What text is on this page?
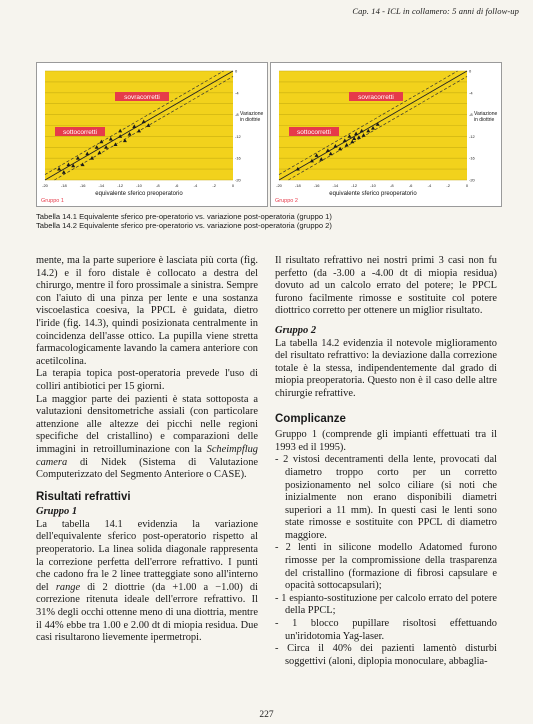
Cap. 14 - ICL in collamero: 5 anni di follow-up
-20	-18	-16	-14	-12	-10	-8	-6	-4	-2	0
-20
-16
-12
-8
-4
0
sovracorretti
sottocorretti
Variazione
in diottrie
equivalente sferico preoperatorio
Gruppo 1
-20	-18	-16	-14	-12	-10	-8	-6	-4	-2	0
-20
-16
-12
-8
-4
0
sovracorretti
sottocorretti
Variazione
in diottrie
equivalente sferico preoperatorio
Gruppo 2
Tabella 14.1 Equivalente sferico pre-operatorio vs. variazione post-operatoria (gruppo 1)
Tabella 14.2 Equivalente sferico pre-operatorio vs. variazione post-operatoria (gruppo 2)

mente, ma la parte superiore è lasciata più corta (fig. 14.2) e il foro distale è collocato a destra del chirurgo, mentre il foro prossimale a sinistra. Sempre con l'aiuto di una pinza per lente e una sostanza viscoelastica coesiva, la PPCL è guidata, dietro l'iride (fig. 14.3), quindi posizionata centralmente in coincidenza dell'asse ottico. La pupilla viene stretta farmacologicamente lavando la camera anteriore con acetilcolina.

La terapia topica post-operatoria prevede l'uso di colliri antibiotici per 15 giorni.

La maggior parte dei pazienti è stata sottoposta a valutazioni densitometriche assiali (con particolare attenzione alle altezze dei picchi nelle regioni specifiche del cristallino) e comparazioni delle immagini in retroilluminazione con la Scheimpflug camera di Nidek (Sistema di Valutazione Computerizzato del Segmento Anteriore o CASE).

Risultati refrattivi
Gruppo 1

La tabella 14.1 evidenzia la variazione dell'equivalente sferico post-operatorio rispetto al preoperatorio. La linea solida diagonale rappresenta la correzione perfetta dell'errore refrattivo. I punti che cadono fra le 2 linee tratteggiate sono all'interno del range di 2 diottrie (da +1.00 a −1.00) di correzione ritenuta ideale dell'errore refrattivo. Il 31% degli occhi ottenne meno di una diottria, mentre il 44% ebbe tra 1.00 e 2.00 dt di miopia residua. Due casi risultarono lievemente ipermetropi.

Il risultato refrattivo nei nostri primi 3 casi non fu perfetto (da -3.00 a -4.00 dt di miopia residua) dovuto ad un calcolo errato del potere; le PPCL furono facilmente rimosse e sostituite col potere diottrico corretto per ottenere un miglior risultato.

Gruppo 2

La tabella 14.2 evidenzia il notevole miglioramento del risultato refrattivo: la deviazione dalla correzione totale è la stessa, indipendentemente dal grado di miopia preoperatoria. Questo non è il caso delle altre chirurgie refrattive.

Complicanze

Gruppo 1 (comprende gli impianti effettuati tra il 1993 ed il 1995).

- 2 vistosi decentramenti della lente, provocati dal diametro troppo corto per un corretto posizionamento nel solco ciliare (si noti che inizialmente non erano disponibili diametri superiori a 11 mm). In questi casi le lenti sono state rimosse e sostituite con PPCL di diametro maggiore.
- 2 lenti in silicone modello Adatomed furono rimosse per la compromissione della trasparenza del cristallino (formazione di fibrosi capsulare e opacità sottocapsulari);
- 1 espianto-sostituzione per calcolo errato del potere della PPCL;
- 1 blocco pupillare risoltosi effettuando un'iridotomia Yag-laser.
- Circa il 40% dei pazienti lamentò disturbi soggettivi (aloni, diplopia monoculare, abbaglia-
227
